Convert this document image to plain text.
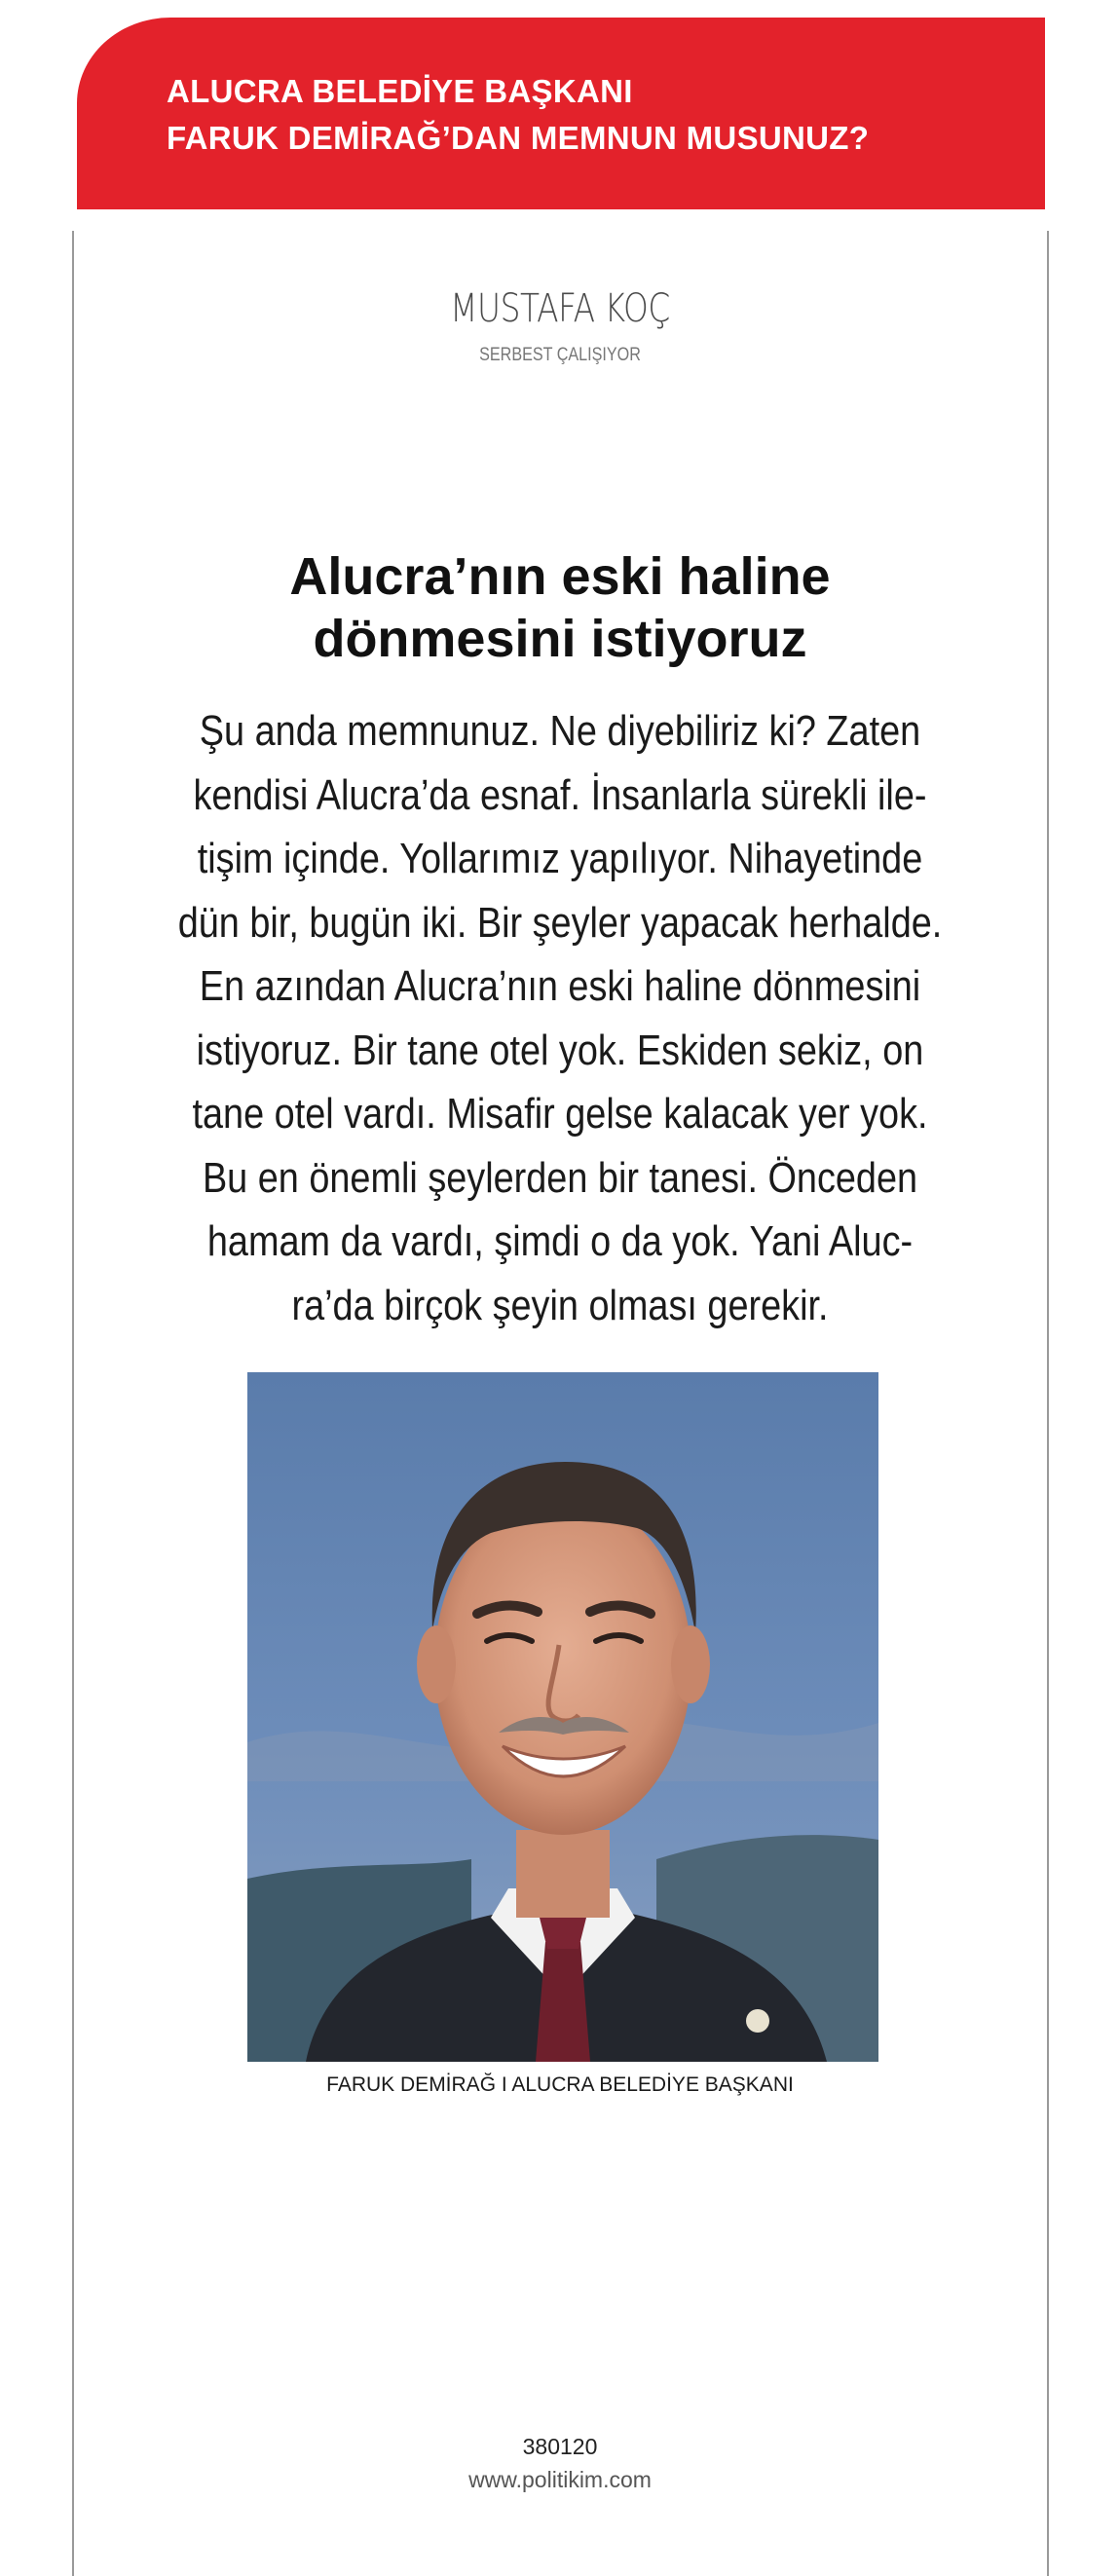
ALUCRA BELEDİYE BAŞKANI
FARUK DEMİRAĞ’DAN MEMNUN MUSUNUZ?
MUSTAFA KOÇ
SERBEST ÇALIŞIYOR
Alucra’nın eski haline
dönmesini istiyoruz
Şu anda memnunuz. Ne diyebiliriz ki? Zaten
kendisi Alucra’da esnaf. İnsanlarla sürekli ile-
tişim içinde. Yollarımız yapılıyor. Nihayetinde
dün bir, bugün iki. Bir şeyler yapacak herhalde.
En azından Alucra’nın eski haline dönmesini
istiyoruz. Bir tane otel yok. Eskiden sekiz, on
tane otel vardı. Misafir gelse kalacak yer yok.
Bu en önemli şeylerden bir tanesi. Önceden
hamam da vardı, şimdi o da yok. Yani Aluc-
ra’da birçok şeyin olması gerekir.
FARUK DEMİRAĞ I ALUCRA BELEDİYE BAŞKANI
380120
www.politikim.com
